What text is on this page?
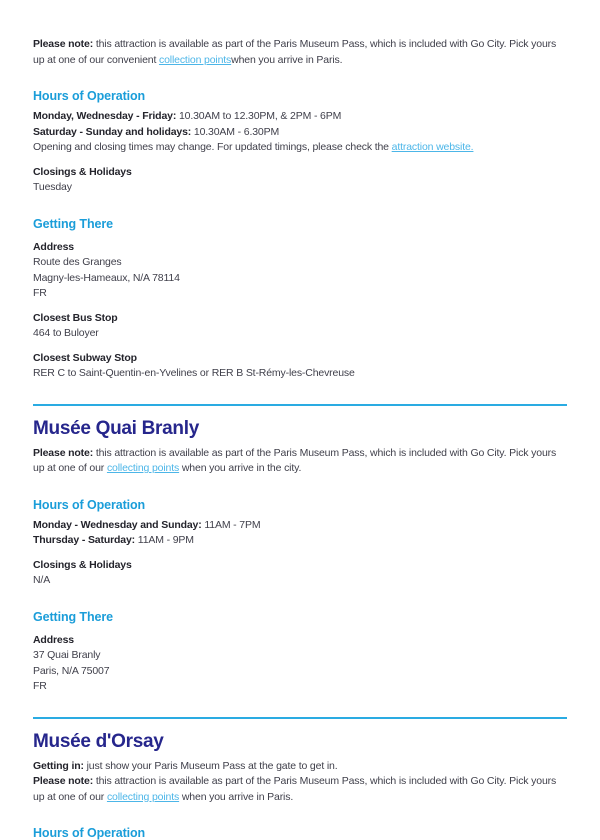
Please note: this attraction is available as part of the Paris Museum Pass, which is included with Go City. Pick yours up at one of our convenient collection pointswhen you arrive in Paris.

Hours of Operation
Monday, Wednesday - Friday: 10.30AM to 12.30PM, & 2PM - 6PM
Saturday - Sunday and holidays: 10.30AM - 6.30PM
Opening and closing times may change. For updated timings, please check the attraction website.
Closings & Holidays
Tuesday
Getting There
Address
Route des Granges
Magny-les-Hameaux, N/A 78114
FR
Closest Bus Stop
464 to Buloyer
Closest Subway Stop
RER C to Saint-Quentin-en-Yvelines or RER B St-Rémy-les-Chevreuse
Musée Quai Branly

Please note: this attraction is available as part of the Paris Museum Pass, which is included with Go City. Pick yours up at one of our collecting points when you arrive in the city.

Hours of Operation
Monday - Wednesday and Sunday: 11AM - 7PM
Thursday - Saturday: 11AM - 9PM
Closings & Holidays
N/A
Getting There
Address
37 Quai Branly
Paris, N/A 75007
FR
Musée d'Orsay
Getting in: just show your Paris Museum Pass at the gate to get in.

Please note: this attraction is available as part of the Paris Museum Pass, which is included with Go City. Pick yours up at one of our collecting points when you arrive in Paris.

Hours of Operation
